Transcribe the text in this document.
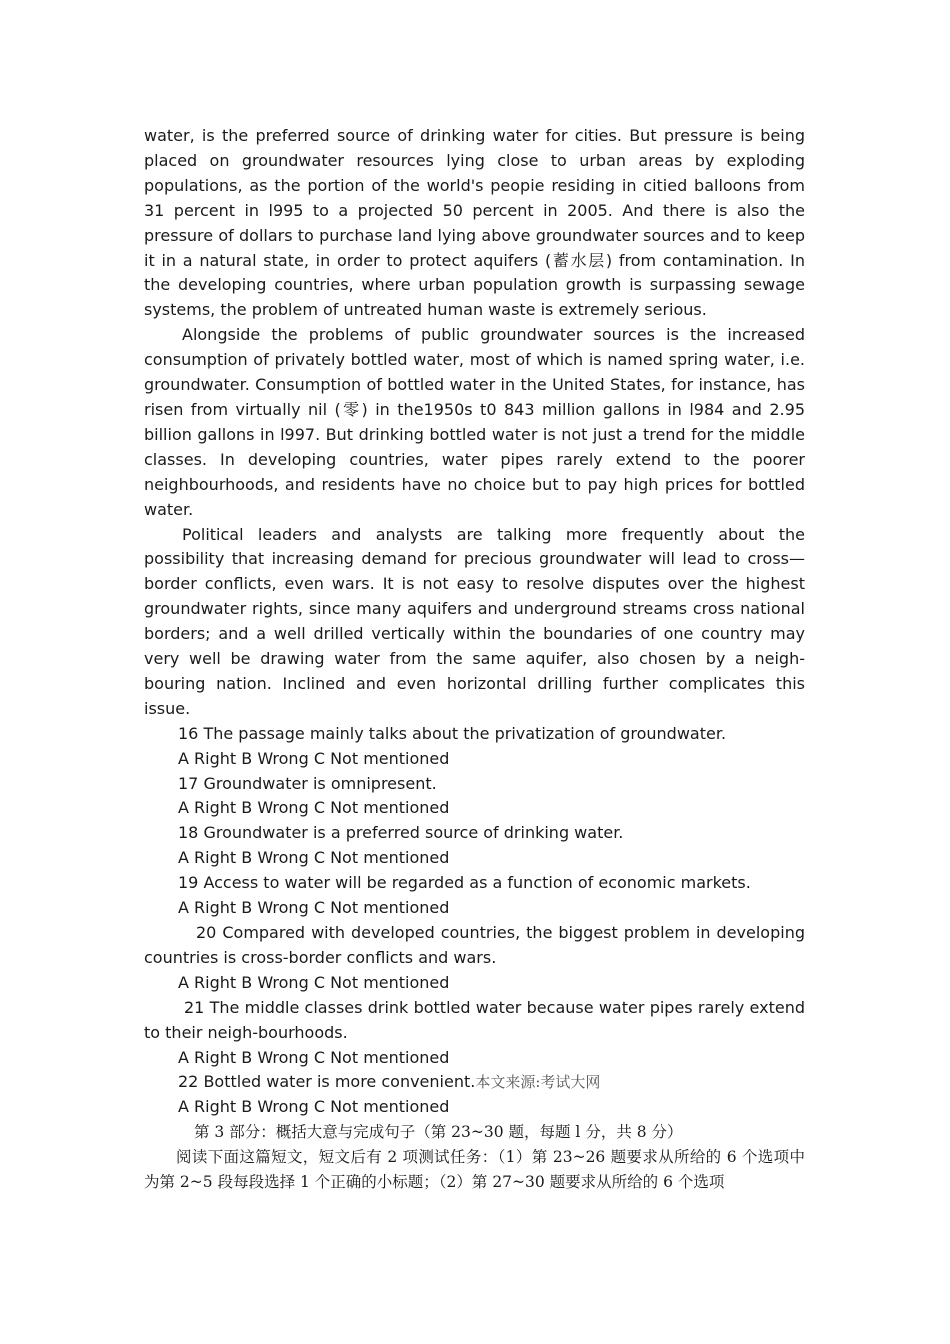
water, is the preferred source of drinking water for cities. But pressure is being placed on groundwater resources lying close to urban areas by exploding populations, as the portion of the world's peopie residing in citied balloons from 31 percent in l995 to a projected 50 percent in 2005. And there is also the pressure of dollars to purchase land lying above groundwater sources and to keep it in a natural state, in order to protect aquifers (蓄水层) from contamination. In the developing countries, where urban population growth is surpassing sewage systems, the problem of untreated human waste is extremely serious.

Alongside the problems of public groundwater sources is the increased consumption of privately bottled water, most of which is named spring water, i.e. groundwater. Consumption of bottled water in the United States, for instance, has risen from virtually nil (零) in the1950s t0 843 million gallons in l984 and 2.95 billion gallons in l997. But drinking bottled water is not just a trend for the middle classes. In developing countries, water pipes rarely extend to the poorer neighbourhoods, and residents have no choice but to pay high prices for bottled water.

Political leaders and analysts are talking more frequently about the possibility that increasing demand for precious groundwater will lead to cross—border conflicts, even wars. It is not easy to resolve disputes over the highest groundwater rights, since many aquifers and underground streams cross national borders; and a well drilled vertically within the boundaries of one country may very well be drawing water from the same aquifer, also chosen by a neigh-bouring nation. Inclined and even horizontal drilling further complicates this issue.

16 The passage mainly talks about the privatization of groundwater.

A Right B Wrong C Not mentioned

17 Groundwater is omnipresent.

A Right B Wrong C Not mentioned

18 Groundwater is a preferred source of drinking water.

A Right B Wrong C Not mentioned

19 Access to water will be regarded as a function of economic markets.

A Right B Wrong C Not mentioned

20 Compared with developed countries, the biggest problem in developing countries is cross-border conflicts and wars.

A Right B Wrong C Not mentioned

21 The middle classes drink bottled water because water pipes rarely extend to their neigh-bourhoods.

A Right B Wrong C Not mentioned

22 Bottled water is more convenient.本文来源:考试大网

A Right B Wrong C Not mentioned

第 3 部分：概括大意与完成句子（第 23~30 题，每题 l 分，共 8 分）

阅读下面这篇短文，短文后有 2 项测试任务：（1）第 23~26 题要求从所给的 6 个选项中为第 2~5 段每段选择 1 个正确的小标题；（2）第 27~30 题要求从所给的 6 个选项
